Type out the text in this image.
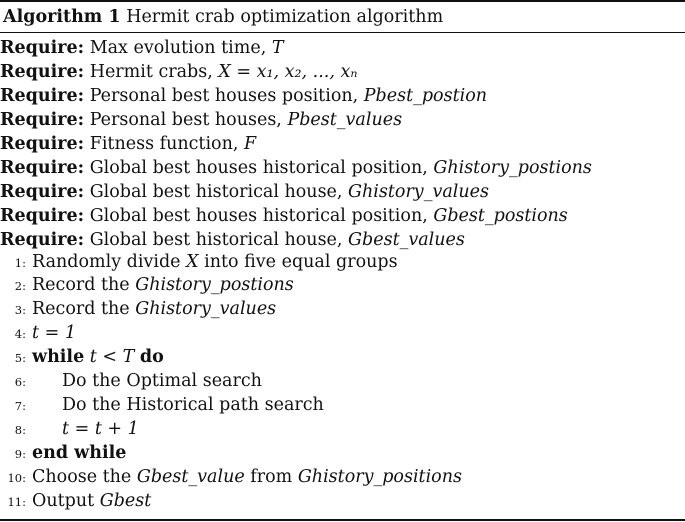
Algorithm 1 Hermit crab optimization algorithm
Require: Max evolution time, T
Require: Hermit crabs, X = x₁, x₂, ..., xₙ
Require: Personal best houses position, Pbest_postion
Require: Personal best houses, Pbest_values
Require: Fitness function, F
Require: Global best houses historical position, Ghistory_postions
Require: Global best historical house, Ghistory_values
Require: Global best houses historical position, Gbest_postions
Require: Global best historical house, Gbest_values
1: Randomly divide X into five equal groups
2: Record the Ghistory_postions
3: Record the Ghistory_values
4: t = 1
5: while t < T do
6: Do the Optimal search
7: Do the Historical path search
8: t = t + 1
9: end while
10: Choose the Gbest_value from Ghistory_positions
11: Output Gbest
